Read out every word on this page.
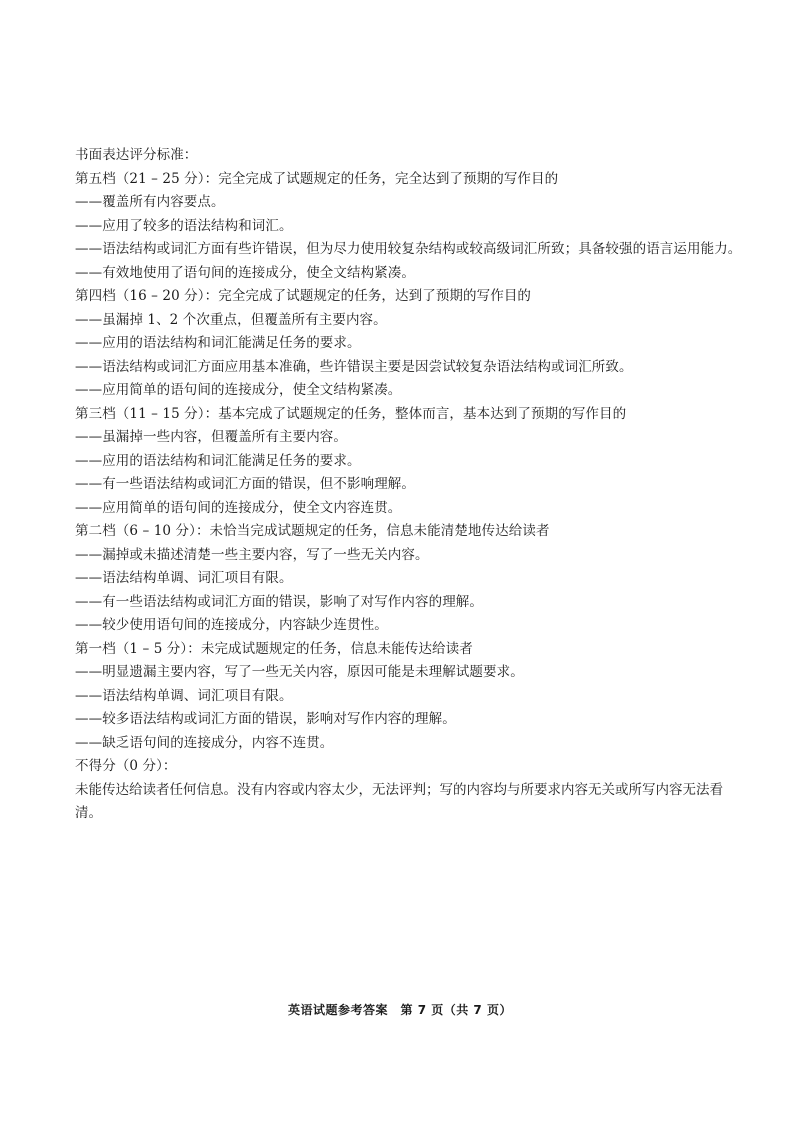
书面表达评分标准：
第五档（21 – 25 分）：完全完成了试题规定的任务，完全达到了预期的写作目的
——覆盖所有内容要点。
——应用了较多的语法结构和词汇。
——语法结构或词汇方面有些许错误，但为尽力使用较复杂结构或较高级词汇所致；具备较强的语言运用能力。
——有效地使用了语句间的连接成分，使全文结构紧凑。
第四档（16 – 20 分）：完全完成了试题规定的任务，达到了预期的写作目的
——虽漏掉 1、2 个次重点，但覆盖所有主要内容。
——应用的语法结构和词汇能满足任务的要求。
——语法结构或词汇方面应用基本准确，些许错误主要是因尝试较复杂语法结构或词汇所致。
——应用简单的语句间的连接成分，使全文结构紧凑。
第三档（11 – 15 分）：基本完成了试题规定的任务，整体而言，基本达到了预期的写作目的
——虽漏掉一些内容，但覆盖所有主要内容。
——应用的语法结构和词汇能满足任务的要求。
——有一些语法结构或词汇方面的错误，但不影响理解。
——应用简单的语句间的连接成分，使全文内容连贯。
第二档（6 – 10 分）：未恰当完成试题规定的任务，信息未能清楚地传达给读者
——漏掉或未描述清楚一些主要内容，写了一些无关内容。
——语法结构单调、词汇项目有限。
——有一些语法结构或词汇方面的错误，影响了对写作内容的理解。
——较少使用语句间的连接成分，内容缺少连贯性。
第一档（1 – 5 分）：未完成试题规定的任务，信息未能传达给读者
——明显遗漏主要内容，写了一些无关内容，原因可能是未理解试题要求。
——语法结构单调、词汇项目有限。
——较多语法结构或词汇方面的错误，影响对写作内容的理解。
——缺乏语句间的连接成分，内容不连贯。
不得分（0 分）：
未能传达给读者任何信息。没有内容或内容太少，无法评判；写的内容均与所要求内容无关或所写内容无法看清。
英语试题参考答案　第 7 页（共 7 页）
